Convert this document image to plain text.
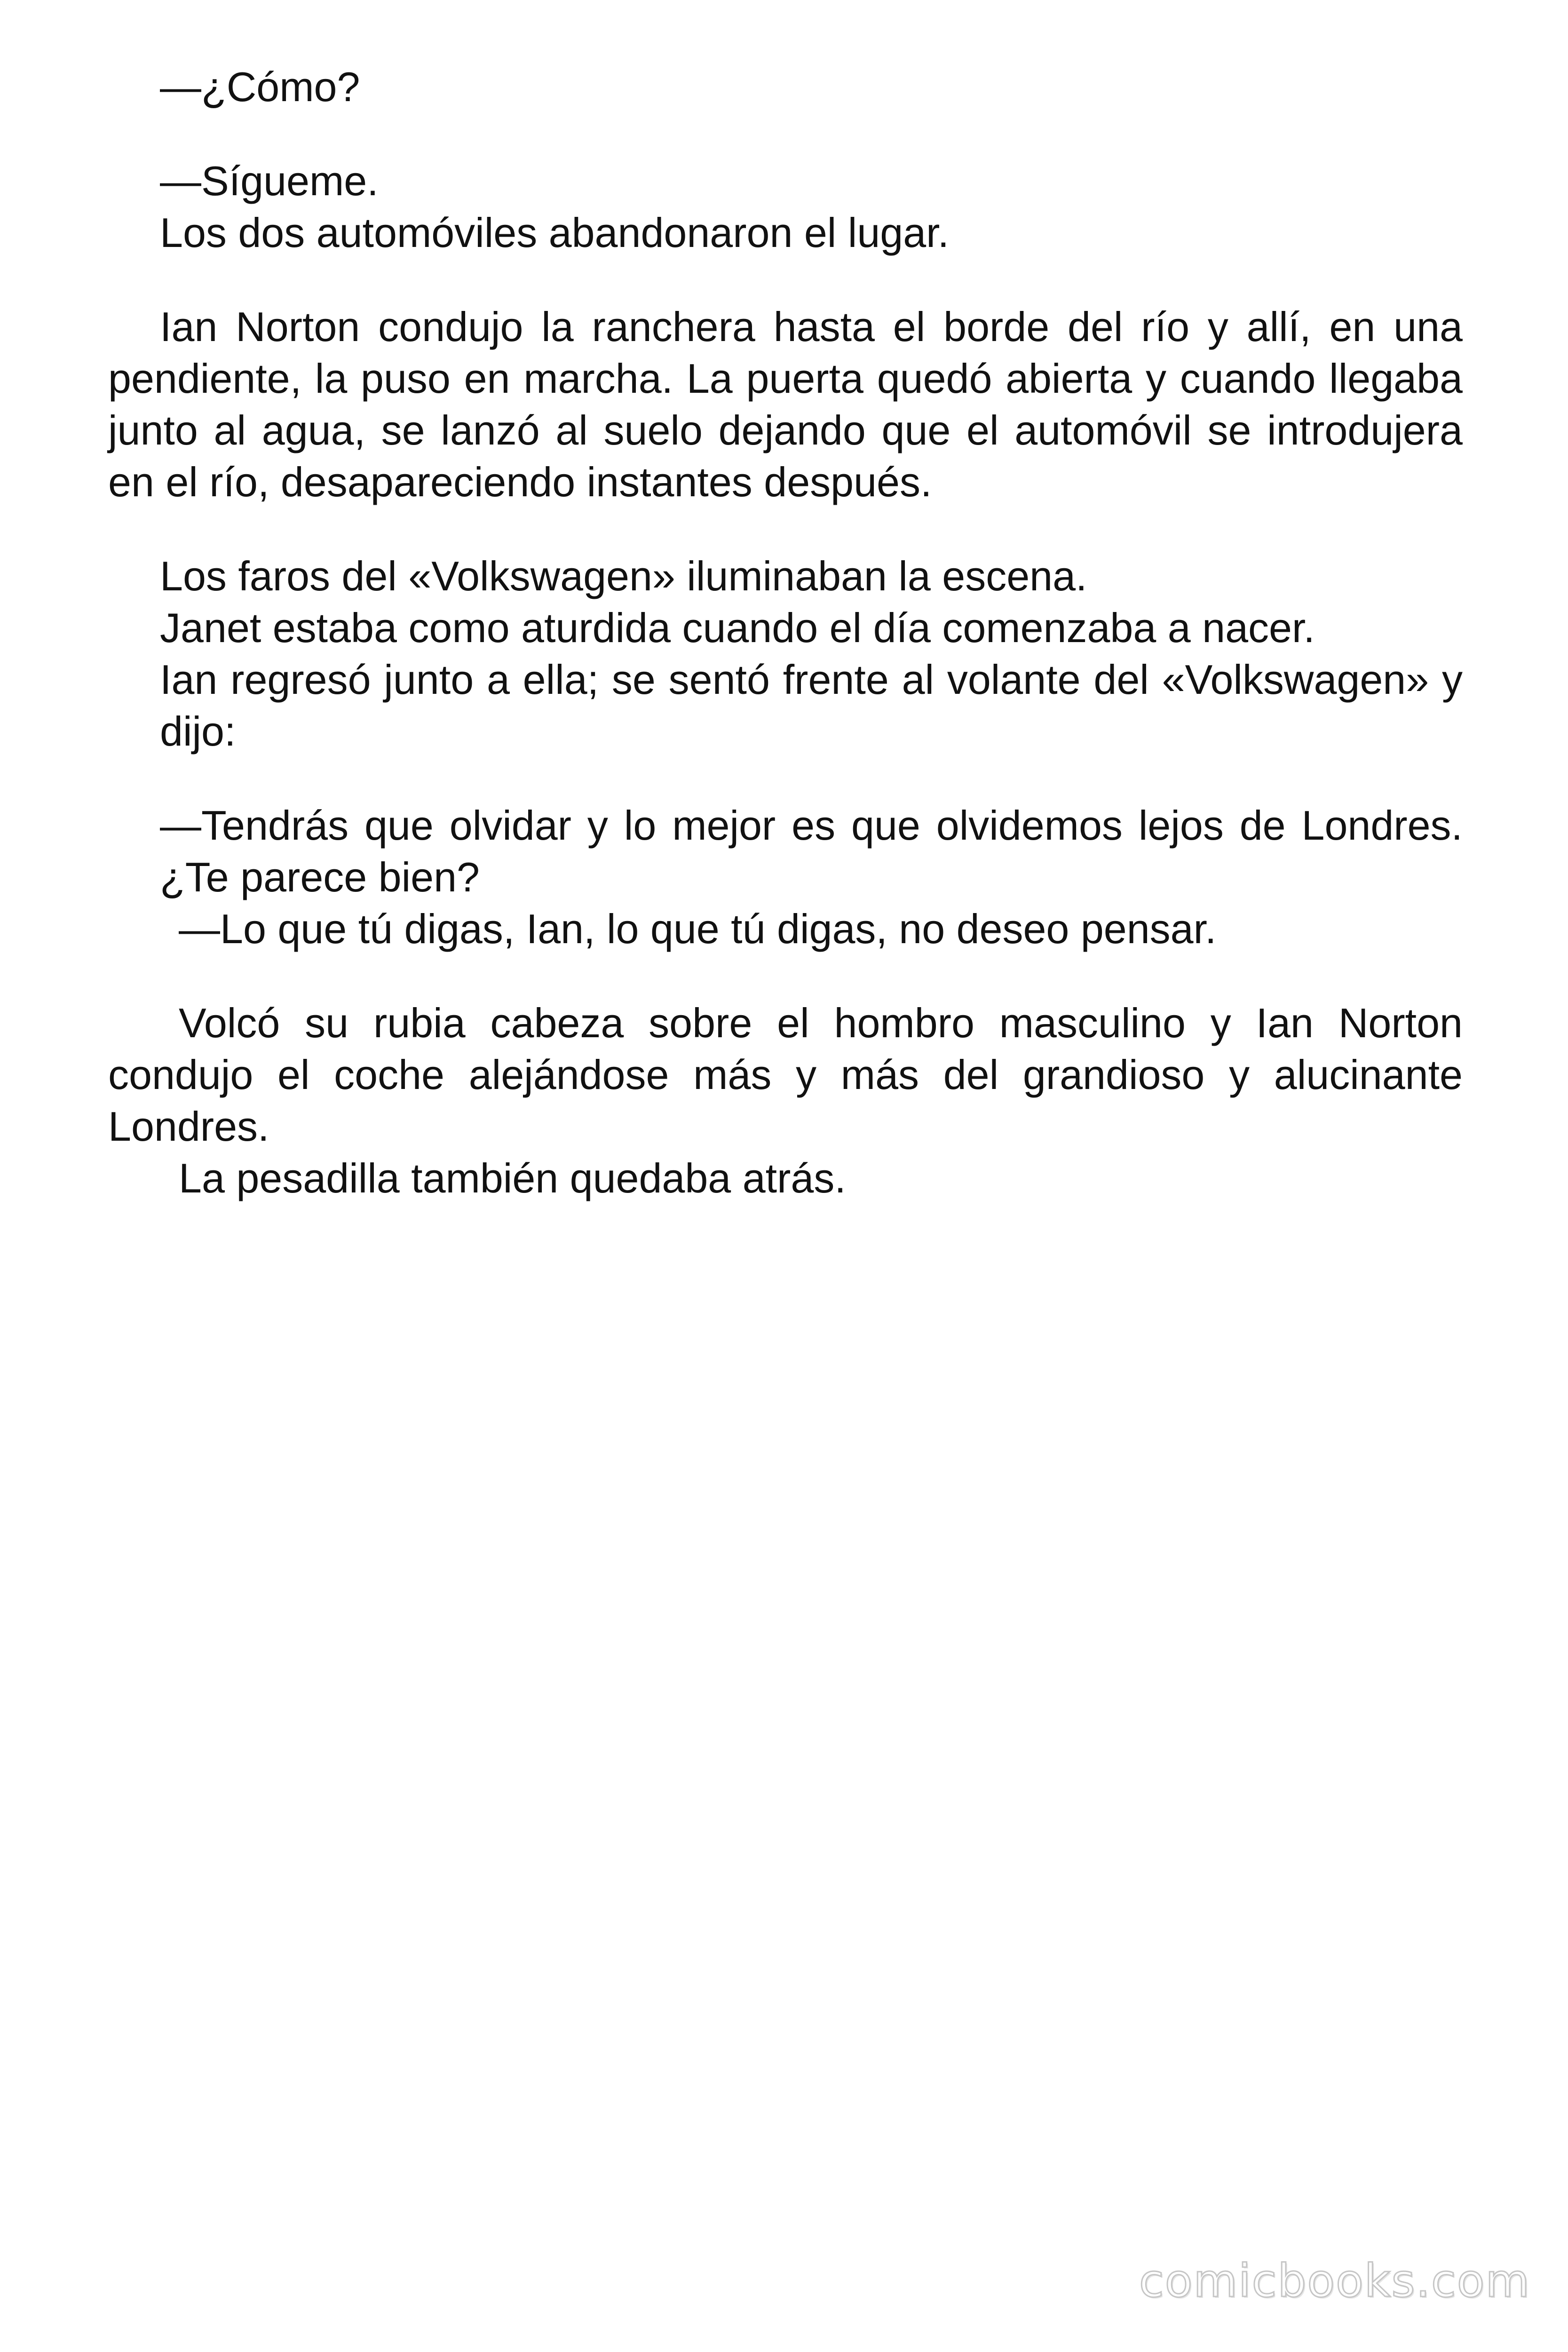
—¿Cómo?

—Sígueme.

Los dos automóviles abandonaron el lugar.

Ian Norton condujo la ranchera hasta el borde del río y allí, en una pendiente, la puso en marcha. La puerta quedó abierta y cuando llegaba junto al agua, se lanzó al suelo dejando que el automóvil se introdujera en el río, desapareciendo instantes después.

Los faros del «Volkswagen» iluminaban la escena.

Janet estaba como aturdida cuando el día comenzaba a nacer.

Ian regresó junto a ella; se sentó frente al volante del «Volkswagen» y dijo:

—Tendrás que olvidar y lo mejor es que olvidemos lejos de Londres. ¿Te parece bien?

—Lo que tú digas, Ian, lo que tú digas, no deseo pensar.

Volcó su rubia cabeza sobre el hombro masculino y Ian Norton condujo el coche alejándose más y más del grandioso y alucinante Londres.

La pesadilla también quedaba atrás.

comicbooks.com
